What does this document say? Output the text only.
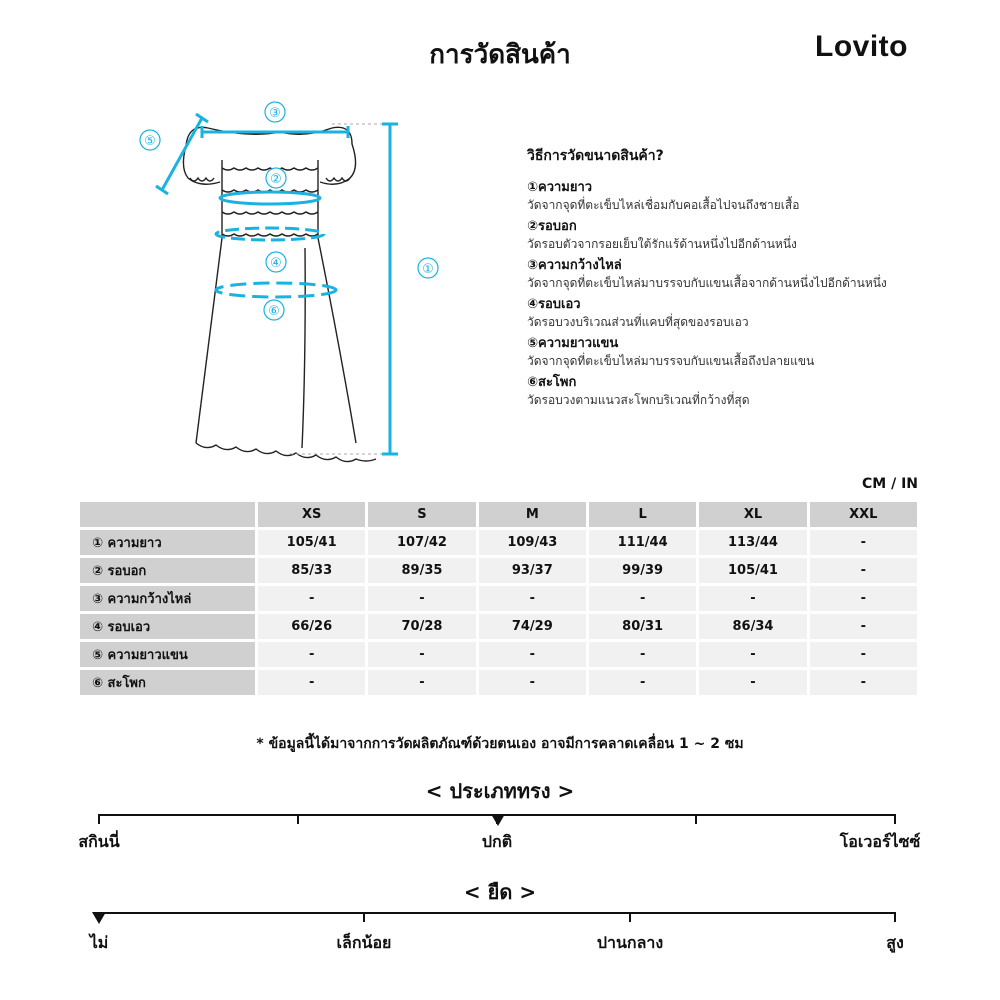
การวัดสินค้า	Lovito
③
⑤
②
④
⑥
①
วิธีการวัดขนาดสินค้า?
①ความยาว
วัดจากจุดที่ตะเข็บไหล่เชื่อมกับคอเสื้อไปจนถึงชายเสื้อ
②รอบอก
วัดรอบตัวจากรอยเย็บใต้รักแร้ด้านหนึ่งไปอีกด้านหนึ่ง
③ความกว้างไหล่
วัดจากจุดที่ตะเข็บไหล่มาบรรจบกับแขนเสื้อจากด้านหนึ่งไปอีกด้านหนึ่ง
④รอบเอว
วัดรอบวงบริเวณส่วนที่แคบที่สุดของรอบเอว
⑤ความยาวแขน
วัดจากจุดที่ตะเข็บไหล่มาบรรจบกับแขนเสื้อถึงปลายแขน
⑥สะโพก
วัดรอบวงตามแนวสะโพกบริเวณที่กว้างที่สุด
CM / IN
	XS	S	M	L	XL	XXL
① ความยาว	105/41	107/42	109/43	111/44	113/44	-
② รอบอก	85/33	89/35	93/37	99/39	105/41	-
③ ความกว้างไหล่	-	-	-	-	-	-
④ รอบเอว	66/26	70/28	74/29	80/31	86/34	-
⑤ ความยาวแขน	-	-	-	-	-	-
⑥ สะโพก	-	-	-	-	-	-
* ข้อมูลนี้ได้มาจากการวัดผลิตภัณฑ์ด้วยตนเอง อาจมีการคลาดเคลื่อน 1 ~ 2 ซม
< ประเภททรง >
สกินนี่	ปกติ	โอเวอร์ไซซ์
< ยืด >
ไม่	เล็กน้อย	ปานกลาง	สูง
